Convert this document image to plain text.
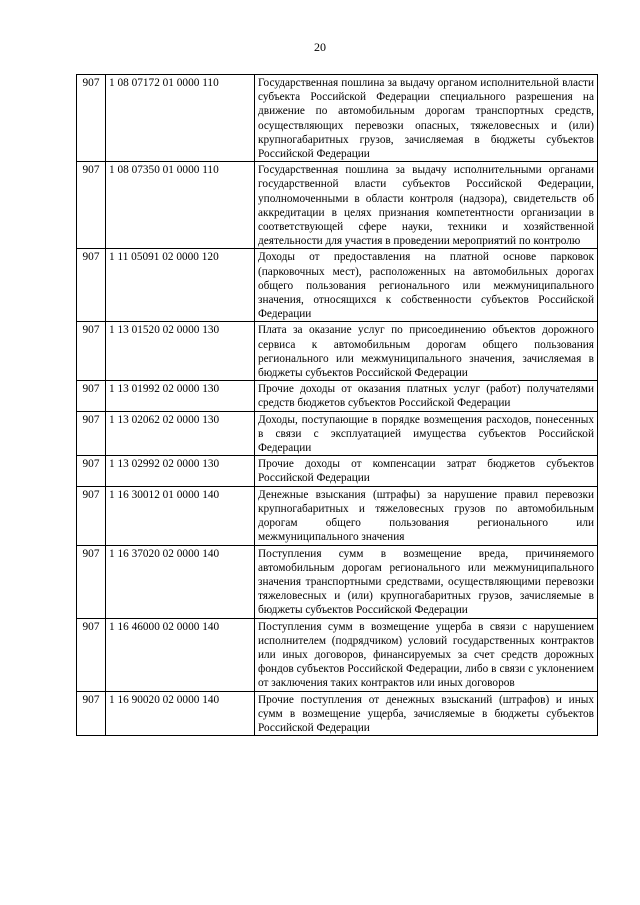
20
907	1 08 07172 01 0000 110	Государственная пошлина за выдачу органом исполнительной власти субъекта Российской Федерации специального разрешения на движение по автомобильным дорогам транспортных средств, осуществляющих перевозки опасных, тяжеловесных и (или) крупногабаритных грузов, зачисляемая в бюджеты субъектов Российской Федерации
907	1 08 07350 01 0000 110	Государственная пошлина за выдачу исполнительными органами государственной власти субъектов Российской Федерации, уполномоченными в области контроля (надзора), свидетельств об аккредитации в целях признания компетентности организации в соответствующей сфере науки, техники и хозяйственной деятельности для участия в проведении мероприятий по контролю
907	1 11 05091 02 0000 120	Доходы от предоставления на платной основе парковок (парковочных мест), расположенных на автомобильных дорогах общего пользования регионального или межмуниципального значения, относящихся к собственности субъектов Российской Федерации
907	1 13 01520 02 0000 130	Плата за оказание услуг по присоединению объектов дорожного сервиса к автомобильным дорогам общего пользования регионального или межмуниципального значения, зачисляемая в бюджеты субъектов Российской Федерации
907	1 13 01992 02 0000 130	Прочие доходы от оказания платных услуг (работ) получателями средств бюджетов субъектов Российской Федерации
907	1 13 02062 02 0000 130	Доходы, поступающие в порядке возмещения расходов, понесенных в связи с эксплуатацией имущества субъектов Российской Федерации
907	1 13 02992 02 0000 130	Прочие доходы от компенсации затрат бюджетов субъектов Российской Федерации
907	1 16 30012 01 0000 140	Денежные взыскания (штрафы) за нарушение правил перевозки крупногабаритных и тяжеловесных грузов по автомобильным дорогам общего пользования регионального или межмуниципального значения
907	1 16 37020 02 0000 140	Поступления сумм в возмещение вреда, причиняемого автомобильным дорогам регионального или межмуниципального значения транспортными средствами, осуществляющими перевозки тяжеловесных и (или) крупногабаритных грузов, зачисляемые в бюджеты субъектов Российской Федерации
907	1 16 46000 02 0000 140	Поступления сумм в возмещение ущерба в связи с нарушением исполнителем (подрядчиком) условий государственных контрактов или иных договоров, финансируемых за счет средств дорожных фондов субъектов Российской Федерации, либо в связи с уклонением от заключения таких контрактов или иных договоров
907	1 16 90020 02 0000 140	Прочие поступления от денежных взысканий (штрафов) и иных сумм в возмещение ущерба, зачисляемые в бюджеты субъектов Российской Федерации
